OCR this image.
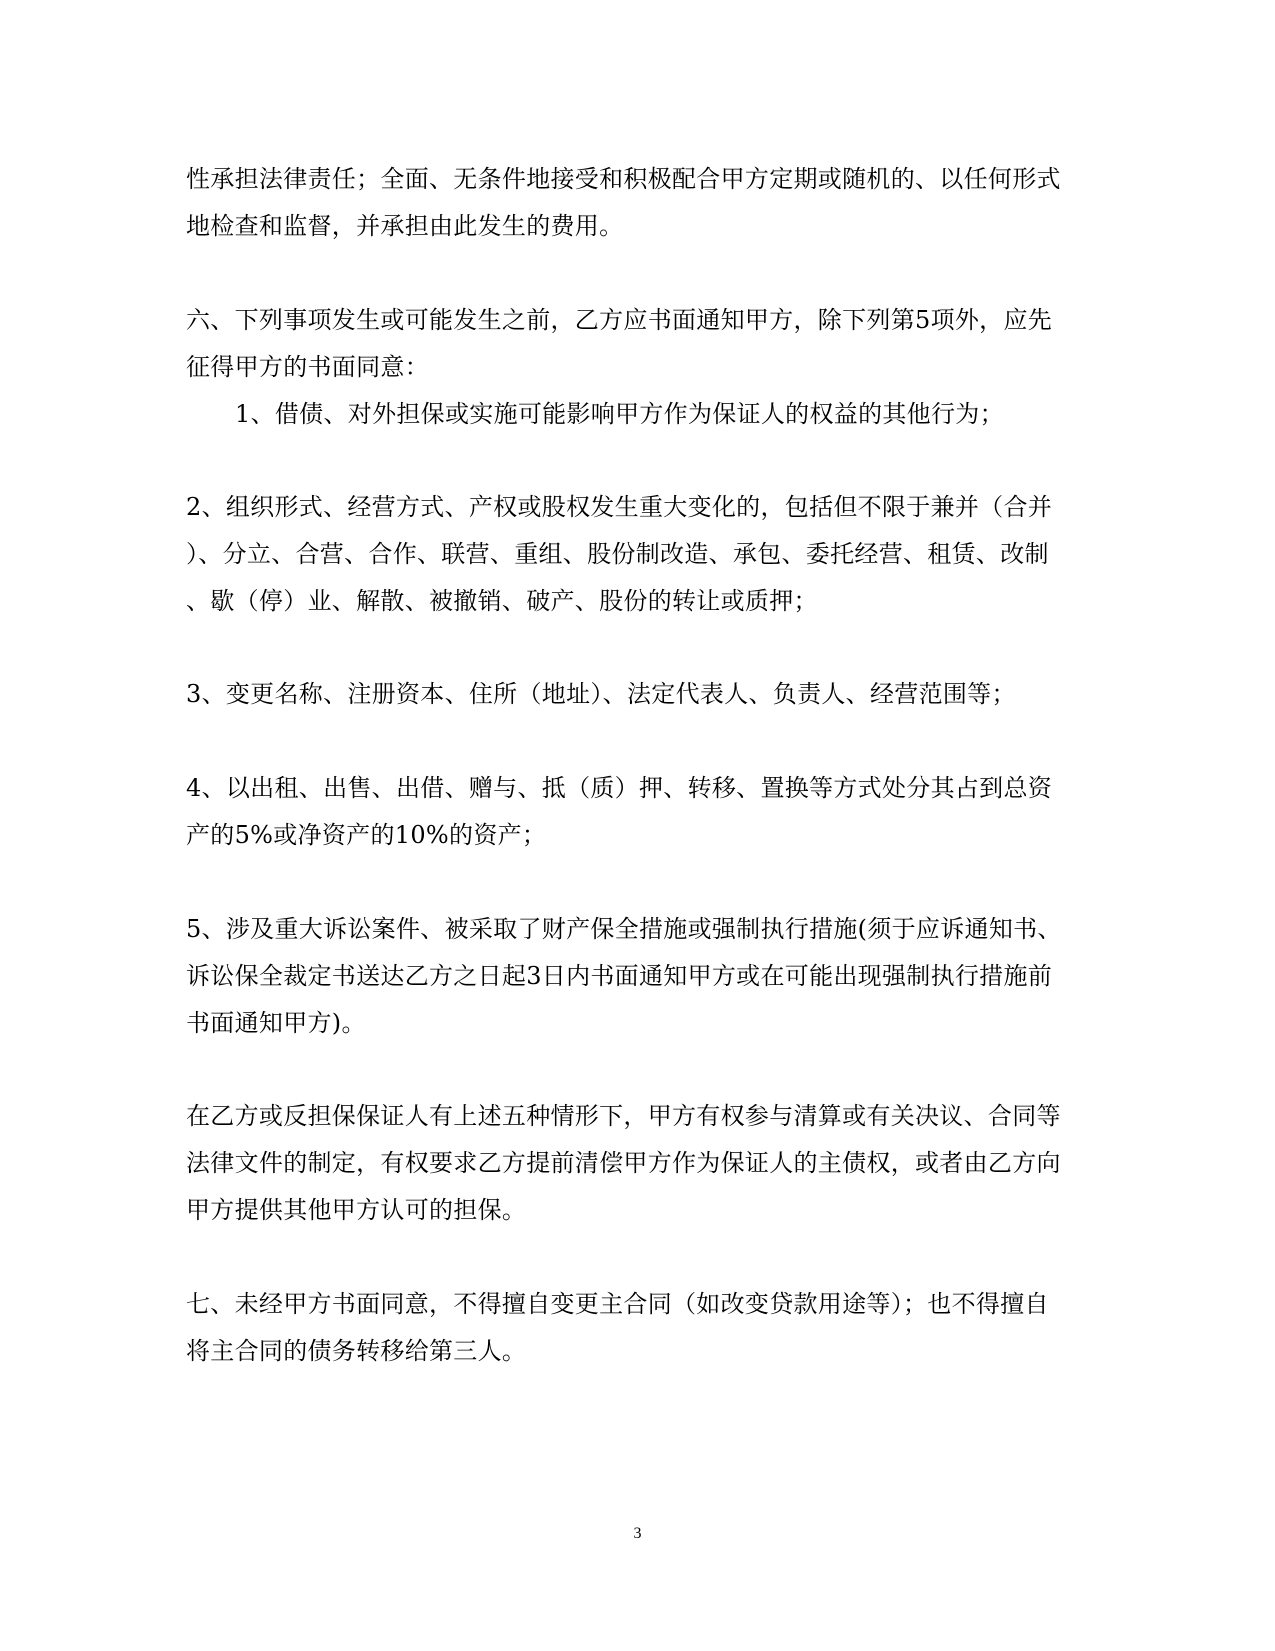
性承担法律责任；全面、无条件地接受和积极配合甲方定期或随机的、以任何形式
地检查和监督，并承担由此发生的费用。
六、下列事项发生或可能发生之前，乙方应书面通知甲方，除下列第5项外，应先
征得甲方的书面同意：
1、借债、对外担保或实施可能影响甲方作为保证人的权益的其他行为；
2、组织形式、经营方式、产权或股权发生重大变化的，包括但不限于兼并（合并
）、分立、合营、合作、联营、重组、股份制改造、承包、委托经营、租赁、改制
、歇（停）业、解散、被撤销、破产、股份的转让或质押；
3、变更名称、注册资本、住所（地址）、法定代表人、负责人、经营范围等；
4、以出租、出售、出借、赠与、抵（质）押、转移、置换等方式处分其占到总资
产的5%或净资产的10%的资产；
5、涉及重大诉讼案件、被采取了财产保全措施或强制执行措施(须于应诉通知书、
诉讼保全裁定书送达乙方之日起3日内书面通知甲方或在可能出现强制执行措施前
书面通知甲方)。
在乙方或反担保保证人有上述五种情形下，甲方有权参与清算或有关决议、合同等
法律文件的制定，有权要求乙方提前清偿甲方作为保证人的主债权，或者由乙方向
甲方提供其他甲方认可的担保。
七、未经甲方书面同意，不得擅自变更主合同（如改变贷款用途等）；也不得擅自
将主合同的债务转移给第三人。
3
